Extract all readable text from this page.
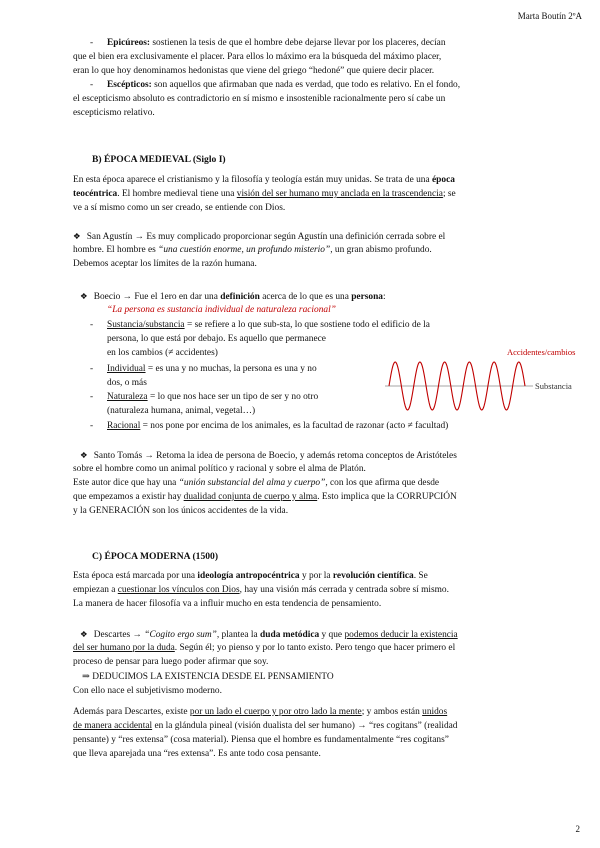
Marta Boutín 2ºA
- Epicúreos: sostienen la tesis de que el hombre debe dejarse llevar por los placeres, decían
que el bien era exclusivamente el placer. Para ellos lo máximo era la búsqueda del máximo placer,
eran lo que hoy denominamos hedonistas que viene del griego “hedoné” que quiere decir placer.
- Escépticos: son aquellos que afirmaban que nada es verdad, que todo es relativo. En el fondo,
el escepticismo absoluto es contradictorio en sí mismo e insostenible racionalmente pero sí cabe un
escepticismo relativo.
B) ÉPOCA MEDIEVAL (Siglo I)
En esta época aparece el cristianismo y la filosofía y teología están muy unidas. Se trata de una época
teocéntrica. El hombre medieval tiene una visión del ser humano muy anclada en la trascendencia; se
ve a sí mismo como un ser creado, se entiende con Dios.
❖ San Agustín → Es muy complicado proporcionar según Agustín una definición cerrada sobre el
hombre. El hombre es “una cuestión enorme, un profundo misterio”, un gran abismo profundo.
Debemos aceptar los límites de la razón humana.
❖ Boecio → Fue el 1ero en dar una definición acerca de lo que es una persona:
“La persona es sustancia individual de naturaleza racional”
- Sustancia/substancia = se refiere a lo que sub-sta, lo que sostiene todo el edificio de la
persona, lo que está por debajo. Es aquello que permanece
en los cambios (≠ accidentes)
- Individual = es una y no muchas, la persona es una y no
dos, o más
- Naturaleza = lo que nos hace ser un tipo de ser y no otro
(naturaleza humana, animal, vegetal…)
- Racional = nos pone por encima de los animales, es la facultad de razonar (acto ≠ facultad)
Accidentes/cambios
Substancia
❖ Santo Tomás → Retoma la idea de persona de Boecio, y además retoma conceptos de Aristóteles
sobre el hombre como un animal político y racional y sobre el alma de Platón.
Este autor dice que hay una “unión substancial del alma y cuerpo”, con los que afirma que desde
que empezamos a existir hay dualidad conjunta de cuerpo y alma. Esto implica que la CORRUPCIÓN
y la GENERACIÓN son los únicos accidentes de la vida.
C) ÉPOCA MODERNA (1500)
Esta época está marcada por una ideología antropocéntrica y por la revolución científica. Se
empiezan a cuestionar los vínculos con Dios, hay una visión más cerrada y centrada sobre sí mismo.
La manera de hacer filosofía va a influir mucho en esta tendencia de pensamiento.
❖ Descartes → “Cogito ergo sum”, plantea la duda metódica y que podemos deducir la existencia
del ser humano por la duda. Según él; yo pienso y por lo tanto existo. Pero tengo que hacer primero el
proceso de pensar para luego poder afirmar que soy.
⇒ DEDUCIMOS LA EXISTENCIA DESDE EL PENSAMIENTO
Con ello nace el subjetivismo moderno.
Además para Descartes, existe por un lado el cuerpo y por otro lado la mente; y ambos están unidos
de manera accidental en la glándula pineal (visión dualista del ser humano) → “res cogitans” (realidad
pensante) y “res extensa” (cosa material). Piensa que el hombre es fundamentalmente “res cogitans”
que lleva aparejada una “res extensa”. Es ante todo cosa pensante.
2
